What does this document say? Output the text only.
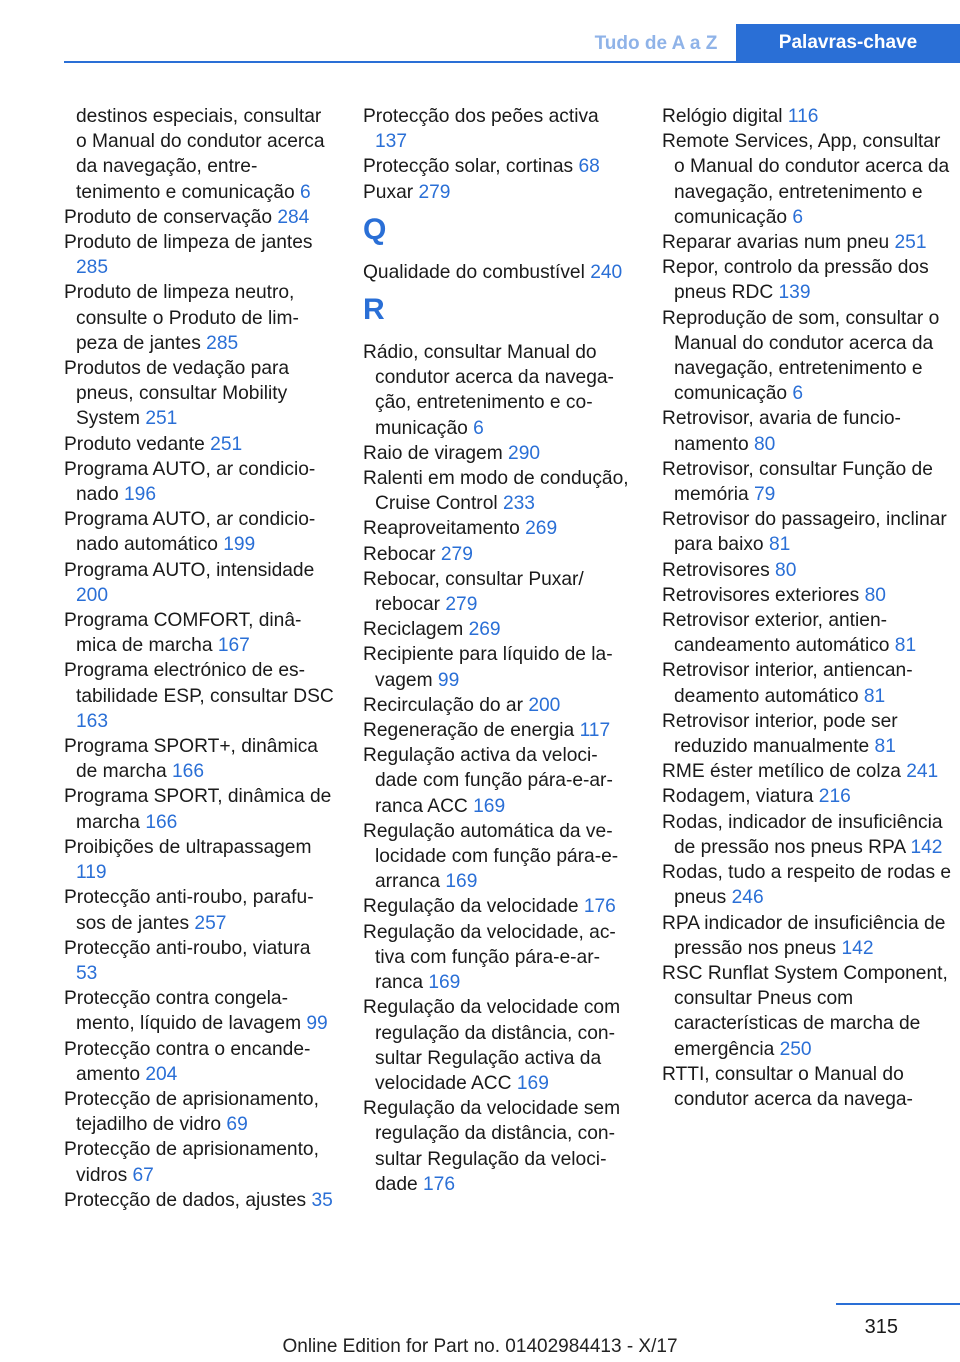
Tudo de A a Z	Palavras-chave
destinos especiais, consultar o Manual do condutor acerca da navegação, entretenimento e comunicação 6
Produto de conservação 284
Produto de limpeza de jantes 285
Produto de limpeza neutro, consulte o Produto de limpeza de jantes 285
Produtos de vedação para pneus, consultar Mobility System 251
Produto vedante 251
Programa AUTO, ar condicionado 196
Programa AUTO, ar condicionado automático 199
Programa AUTO, intensidade 200
Programa COMFORT, dinâmica de marcha 167
Programa electrónico de estabilidade ESP, consultar DSC 163
Programa SPORT+, dinâmica de marcha 166
Programa SPORT, dinâmica de marcha 166
Proibições de ultrapassagem 119
Protecção anti-roubo, parafusos de jantes 257
Protecção anti-roubo, viatura 53
Protecção contra congelamento, líquido de lavagem 99
Protecção contra o encandeamento 204
Protecção de aprisionamento, tejadilho de vidro 69
Protecção de aprisionamento, vidros 67
Protecção de dados, ajustes 35
Protecção dos peões activa 137
Protecção solar, cortinas 68
Puxar 279
Q
Qualidade do combustível 240
R
Rádio, consultar Manual do condutor acerca da navegação, entretenimento e comunicação 6
Raio de viragem 290
Ralenti em modo de condução, Cruise Control 233
Reaproveitamento 269
Rebocar 279
Rebocar, consultar Puxar/ rebocar 279
Reciclagem 269
Recipiente para líquido de lavagem 99
Recirculação do ar 200
Regeneração de energia 117
Regulação activa da velocidade com função pára-e-arranca ACC 169
Regulação automática da velocidade com função pára-e-arranca 169
Regulação da velocidade 176
Regulação da velocidade, activa com função pára-e-arranca 169
Regulação da velocidade com regulação da distância, consultar Regulação activa da velocidade ACC 169
Regulação da velocidade sem regulação da distância, consultar Regulação da velocidade 176
Relógio digital 116
Remote Services, App, consultar o Manual do condutor acerca da navegação, entretenimento e comunicação 6
Reparar avarias num pneu 251
Repor, controlo da pressão dos pneus RDC 139
Reprodução de som, consultar o Manual do condutor acerca da navegação, entretenimento e comunicação 6
Retrovisor, avaria de funcionamento 80
Retrovisor, consultar Função de memória 79
Retrovisor do passageiro, inclinar para baixo 81
Retrovisores 80
Retrovisores exteriores 80
Retrovisor exterior, antiencandeamento automático 81
Retrovisor interior, antiencandeamento automático 81
Retrovisor interior, pode ser reduzido manualmente 81
RME éster metílico de colza 241
Rodagem, viatura 216
Rodas, indicador de insuficiência de pressão nos pneus RPA 142
Rodas, tudo a respeito de rodas e pneus 246
RPA indicador de insuficiência de pressão nos pneus 142
RSC Runflat System Component, consultar Pneus com características de marcha de emergência 250
RTTI, consultar o Manual do condutor acerca da navega-
315
Online Edition for Part no. 01402984413 - X/17
